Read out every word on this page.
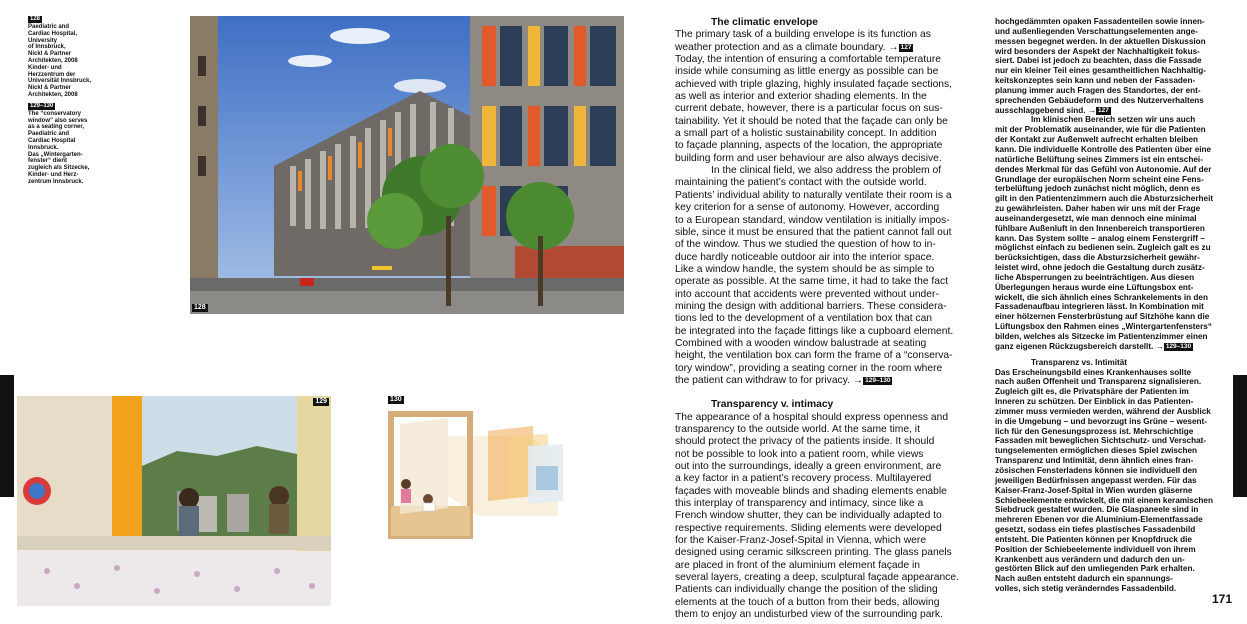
128
Paediatric and
Cardiac Hospital,
University
of Innsbruck,
Nickl & Partner
Architekten, 2008
Kinder- und
Herzzentrum der
Universität Innsbruck,
Nickl & Partner
Architekten, 2008
129–130
The “conservatory
window” also serves
as a seating corner,
Paediatric and
Cardiac Hospital
Innsbruck.
Das „Wintergarten-
fenster“ dient
zugleich als Sitzecke,
Kinder- und Herz-
zentrum Innsbruck.
128
129	130
171
The climatic envelope
The primary task of a building envelope is its function as
weather protection and as a climate boundary. → 127
Today, the intention of ensuring a comfortable temperature
inside while consuming as little energy as possible can be
achieved with triple glazing, highly insulated façade sections,
as well as interior and exterior shading elements. In the
current debate, however, there is a particular focus on sus-
tainability. Yet it should be noted that the façade can only be
a small part of a holistic sustainability concept. In addition
to façade planning, aspects of the location, the appropriate
building form and user behaviour are also always decisive.
In the clinical field, we also address the problem of
maintaining the patient’s contact with the outside world.
Patients’ individual ability to naturally ventilate their room is a
key criterion for a sense of autonomy. However, according
to a European standard, window ventilation is initially impos-
sible, since it must be ensured that the patient cannot fall out
of the window. Thus we studied the question of how to in-
duce hardly noticeable outdoor air into the interior space.
Like a window handle, the system should be as simple to
operate as possible. At the same time, it had to take the fact
into account that accidents were prevented without under-
mining the design with additional barriers. These considera-
tions led to the development of a ventilation box that can
be integrated into the façade fittings like a cupboard element.
Combined with a wooden window balustrade at seating
height, the ventilation box can form the frame of a “conserva-
tory window”, providing a seating corner in the room where
the patient can withdraw to for privacy. → 129–130
Transparency v. intimacy
The appearance of a hospital should express openness and
transparency to the outside world. At the same time, it
should protect the privacy of the patients inside. It should
not be possible to look into a patient room, while views
out into the surroundings, ideally a green environment, are
a key factor in a patient’s recovery process. Multilayered
façades with moveable blinds and shading elements enable
this interplay of transparency and intimacy, since like a
French window shutter, they can be individually adapted to
respective requirements. Sliding elements were developed
for the Kaiser-Franz-Josef-Spital in Vienna, which were
designed using ceramic silkscreen printing. The glass panels
are placed in front of the aluminium element façade in
several layers, creating a deep, sculptural façade appearance.
Patients can individually change the position of the sliding
elements at the touch of a button from their beds, allowing
them to enjoy an undisturbed view of the surrounding park.
hochgedämmten opaken Fassadenteilen sowie innen-
und außenliegenden Verschattungselementen ange-
messen begegnet werden. In der aktuellen Diskussion
wird besonders der Aspekt der Nachhaltigkeit fokus-
siert. Dabei ist jedoch zu beachten, dass die Fassade
nur ein kleiner Teil eines gesamtheitlichen Nachhaltig-
keitskonzeptes sein kann und neben der Fassaden-
planung immer auch Fragen des Standortes, der ent-
sprechenden Gebäudeform und des Nutzerverhaltens
ausschlaggebend sind. → 127
Im klinischen Bereich setzen wir uns auch
mit der Problematik auseinander, wie für die Patienten
der Kontakt zur Außenwelt aufrecht erhalten bleiben
kann. Die individuelle Kontrolle des Patienten über eine
natürliche Belüftung seines Zimmers ist ein entschei-
dendes Merkmal für das Gefühl von Autonomie. Auf der
Grundlage der europäischen Norm scheint eine Fens-
terbelüftung jedoch zunächst nicht möglich, denn es
gilt in den Patientenzimmern auch die Absturzsicherheit
zu gewährleisten. Daher haben wir uns mit der Frage
auseinandergesetzt, wie man dennoch eine minimal
fühlbare Außenluft in den Innenbereich transportieren
kann. Das System sollte – analog einem Fenstergriff –
möglichst einfach zu bedienen sein. Zugleich galt es zu
berücksichtigen, dass die Absturzsicherheit gewähr-
leistet wird, ohne jedoch die Gestaltung durch zusätz-
liche Absperrungen zu beeinträchtigen. Aus diesen
Überlegungen heraus wurde eine Lüftungsbox ent-
wickelt, die sich ähnlich eines Schrankelements in den
Fassadenaufbau integrieren lässt. In Kombination mit
einer hölzernen Fensterbrüstung auf Sitzhöhe kann die
Lüftungsbox den Rahmen eines „Wintergartenfensters“
bilden, welches als Sitzecke im Patientenzimmer einen
ganz eigenen Rückzugsbereich darstellt. → 129–130
Transparenz vs. Intimität
Das Erscheinungsbild eines Krankenhauses sollte
nach außen Offenheit und Transparenz signalisieren.
Zugleich gilt es, die Privatsphäre der Patienten im
Inneren zu schützen. Der Einblick in das Patienten-
zimmer muss vermieden werden, während der Ausblick
in die Umgebung – und bevorzugt ins Grüne – wesent-
lich für den Genesungsprozess ist. Mehrschichtige
Fassaden mit beweglichen Sichtschutz- und Verschat-
tungselementen ermöglichen dieses Spiel zwischen
Transparenz und Intimität, denn ähnlich eines fran-
zösischen Fensterladens können sie individuell den
jeweiligen Bedürfnissen angepasst werden. Für das
Kaiser-Franz-Josef-Spital in Wien wurden gläserne
Schiebeelemente entwickelt, die mit einem keramischen
Siebdruck gestaltet wurden. Die Glaspaneele sind in
mehreren Ebenen vor die Aluminium-Elementfassade
gesetzt, sodass ein tiefes plastisches Fassadenbild
entsteht. Die Patienten können per Knopfdruck die
Position der Schiebeelemente individuell von ihrem
Krankenbett aus verändern und dadurch den un-
gestörten Blick auf den umliegenden Park erhalten.
Nach außen entsteht dadurch ein spannungs-
volles, sich stetig veränderndes Fassadenbild.
